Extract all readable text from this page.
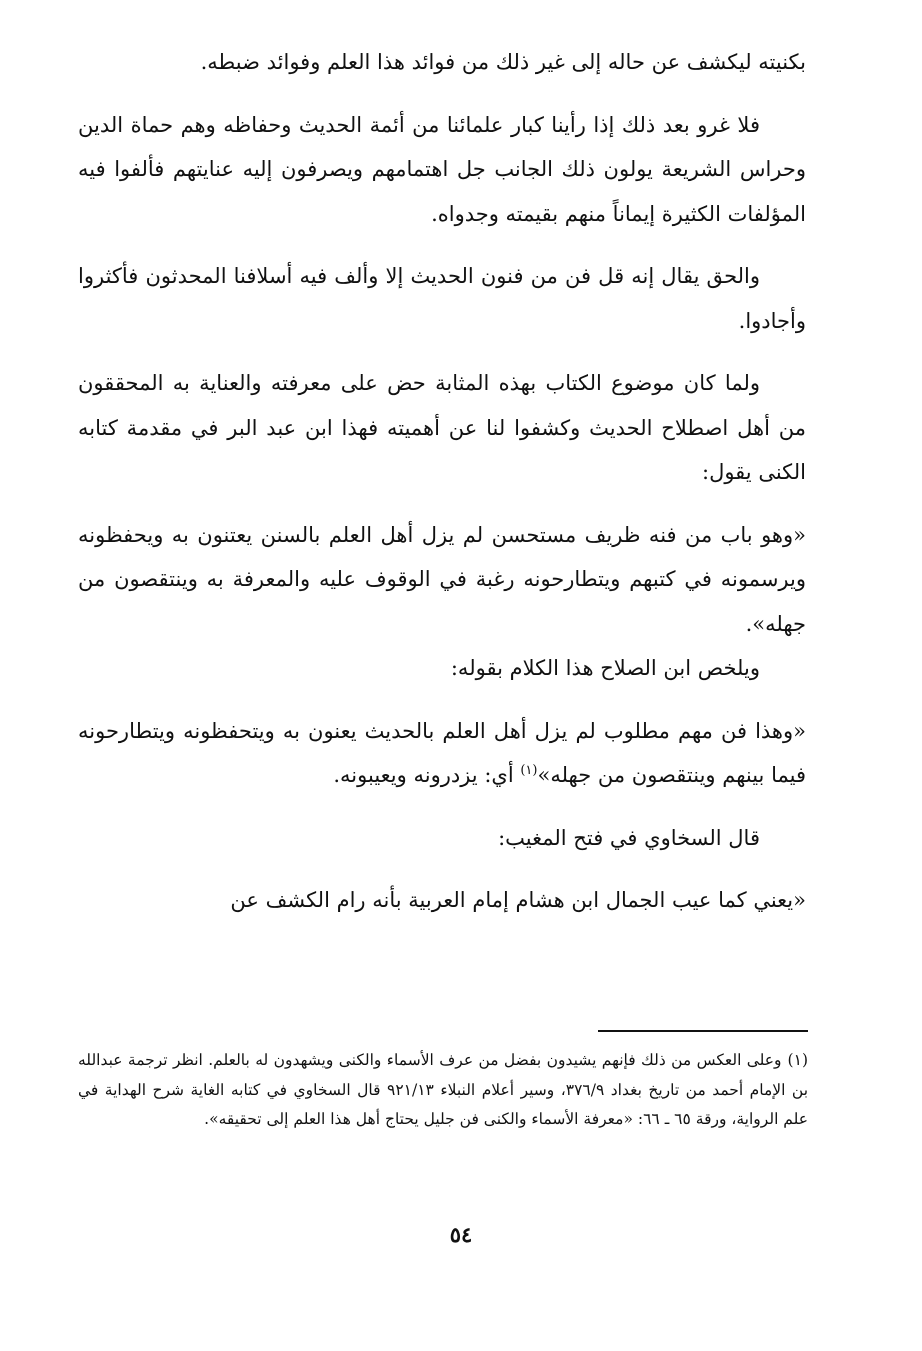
بكنيته ليكشف عن حاله إلى غير ذلك من فوائد هذا العلم وفوائد ضبطه.

فلا غرو بعد ذلك إذا رأينا كبار علمائنا من أئمة الحديث وحفاظه وهم حماة الدين وحراس الشريعة يولون ذلك الجانب جل اهتمامهم ويصرفون إليه عنايتهم فألفوا فيه المؤلفات الكثيرة إيماناً منهم بقيمته وجدواه.

والحق يقال إنه قل فن من فنون الحديث إلا وألف فيه أسلافنا المحدثون فأكثروا وأجادوا.

ولما كان موضوع الكتاب بهذه المثابة حض على معرفته والعناية به المحققون من أهل اصطلاح الحديث وكشفوا لنا عن أهميته فهذا ابن عبد البر في مقدمة كتابه الكنى يقول:

«وهو باب من فنه ظريف مستحسن لم يزل أهل العلم بالسنن يعتنون به ويحفظونه ويرسمونه في كتبهم ويتطارحونه رغبة في الوقوف عليه والمعرفة به وينتقصون من جهله».

ويلخص ابن الصلاح هذا الكلام بقوله:

«وهذا فن مهم مطلوب لم يزل أهل العلم بالحديث يعنون به ويتحفظونه ويتطارحونه فيما بينهم وينتقصون من جهله»$^{(١)}$ أي: يزدرونه ويعيبونه.

قال السخاوي في فتح المغيب:

«يعني كما عيب الجمال ابن هشام إمام العربية بأنه رام الكشف عن

(١)وعلى العكس من ذلك فإنهم يشيدون بفضل من عرف الأسماء والكنى ويشهدون له بالعلم. انظر ترجمة عبدالله بن الإمام أحمد من تاريخ بغداد ٣٧٦/٩، وسير أعلام النبلاء ٩٢١/١٣ قال السخاوي في كتابه الغاية شرح الهداية في علم الرواية، ورقة ٦٥ ـ ٦٦: «معرفة الأسماء والكنى فن جليل يحتاج أهل هذا العلم إلى تحقيقه».

٥٤
